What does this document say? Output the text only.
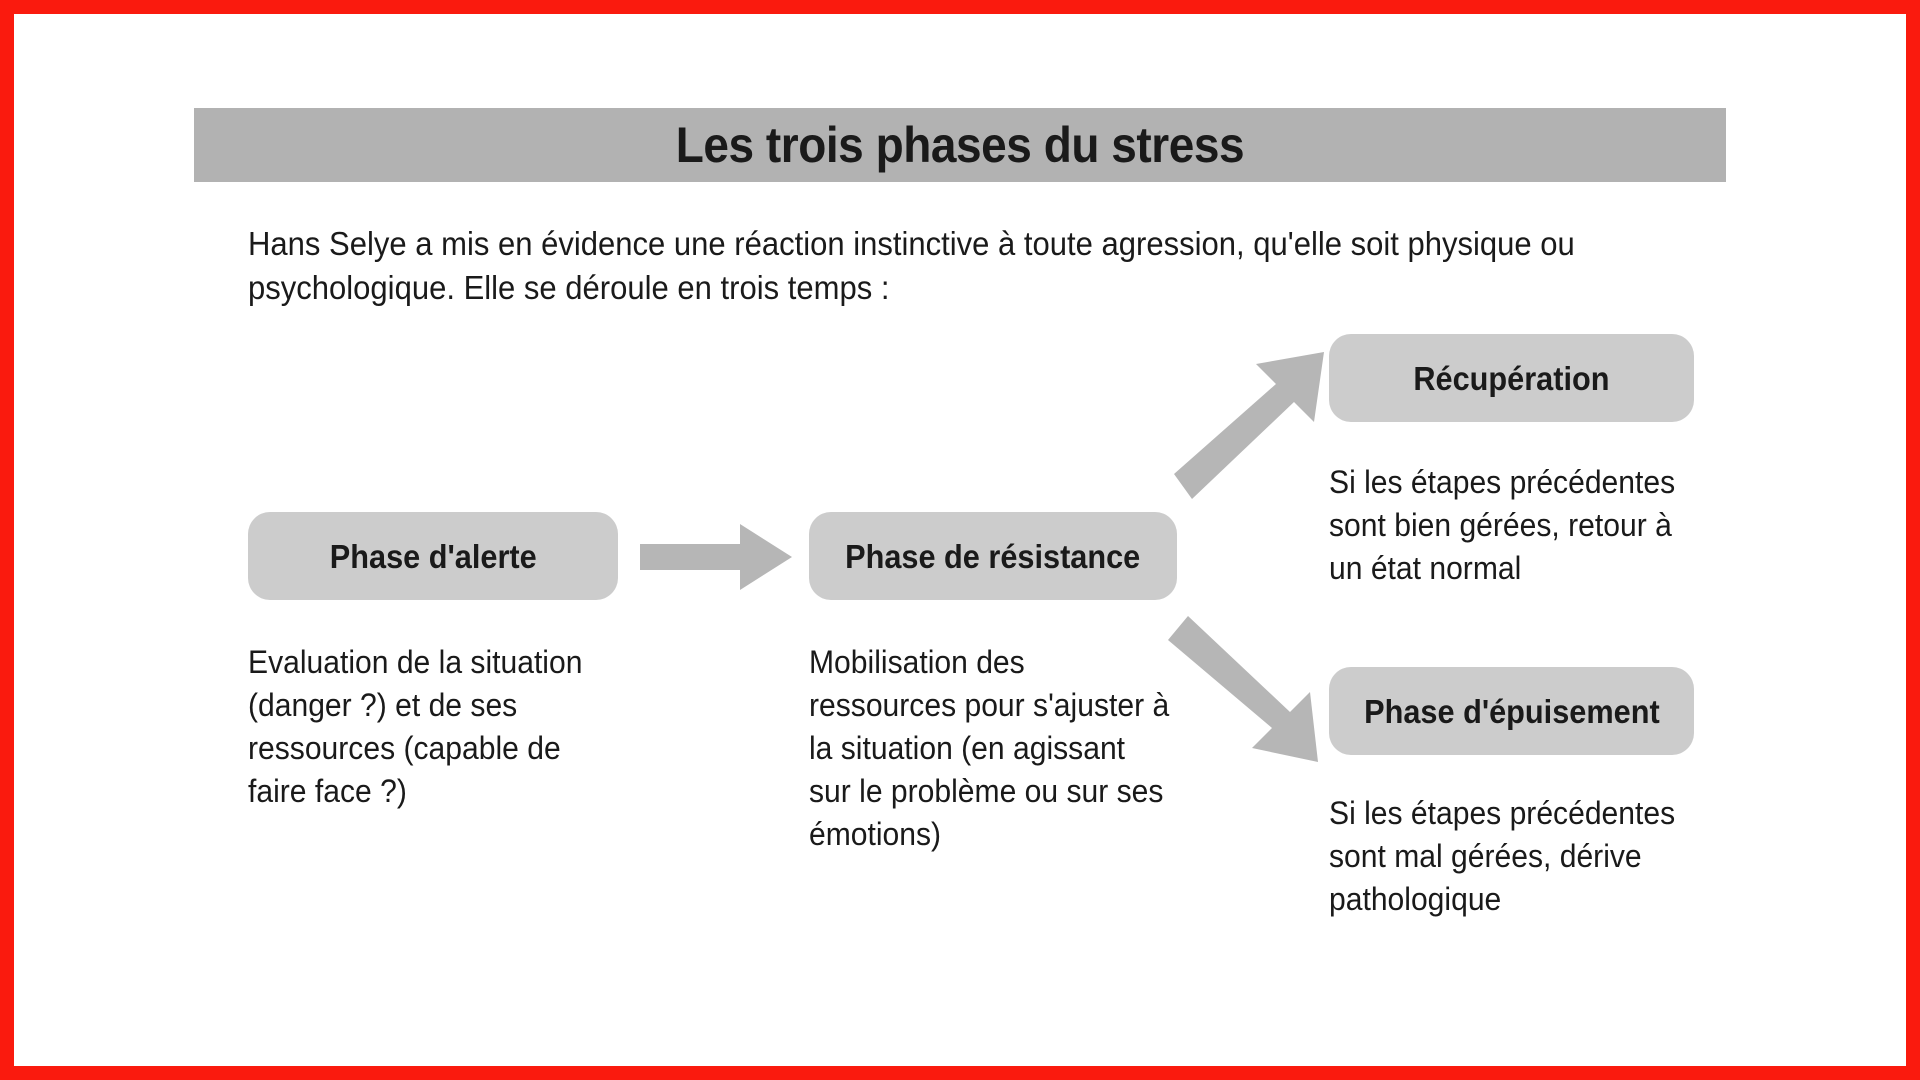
Les trois phases du stress
Hans Selye a mis en évidence une réaction instinctive à toute agression, qu'elle soit physique ou
psychologique. Elle se déroule en trois temps :
Phase d'alerte	Phase de résistance
Récupération
Phase d'épuisement
Evaluation de la situation
(danger ?) et de ses
ressources (capable de
faire face ?)
Mobilisation des
ressources pour s'ajuster à
la situation (en agissant
sur le problème ou sur ses
émotions)
Si les étapes précédentes
sont bien gérées, retour à
un état normal
Si les étapes précédentes
sont mal gérées, dérive
pathologique
